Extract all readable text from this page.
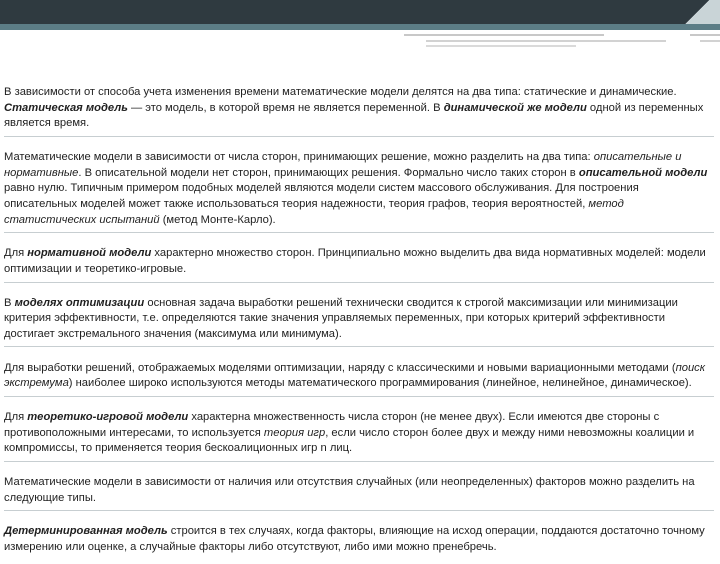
В зависимости от способа учета изменения времени математические модели делятся на два типа: статические и динамические. Статическая модель — это модель, в которой время не является переменной. В динамической же модели одной из переменных является время.

Математические модели в зависимости от числа сторон, принимающих решение, можно разделить на два типа: описательные и нормативные. В описательной модели нет сторон, принимающих решения. Формально число таких сторон в описательной модели равно нулю. Типичным примером подобных моделей являются модели систем массового обслуживания. Для построения описательных моделей может также использоваться теория надежности, теория графов, теория вероятностей, метод статистических испытаний (метод Монте-Карло).

Для нормативной модели характерно множество сторон. Принципиально можно выделить два вида нормативных моделей: модели оптимизации и теоретико-игровые.

В моделях оптимизации основная задача выработки решений технически сводится к строгой максимизации или минимизации критерия эффективности, т.е. определяются такие значения управляемых переменных, при которых критерий эффективности достигает экстремального значения (максимума или минимума).

Для выработки решений, отображаемых моделями оптимизации, наряду с классическими и новыми вариационными методами (поиск экстремума) наиболее широко используются методы математического программирования (линейное, нелинейное, динамическое).

Для теоретико-игровой модели характерна множественность числа сторон (не менее двух). Если имеются две стороны с противоположными интересами, то используется теория игр, если число сторон более двух и между ними невозможны коалиции и компромиссы, то применяется теория бескоалиционных игр n лиц.

Математические модели в зависимости от наличия или отсутствия случайных (или неопределенных) факторов можно разделить на следующие типы.

Детерминированная модель строится в тех случаях, когда факторы, влияющие на исход операции, поддаются достаточно точному измерению или оценке, а случайные факторы либо отсутствуют, либо ими можно пренебречь.
